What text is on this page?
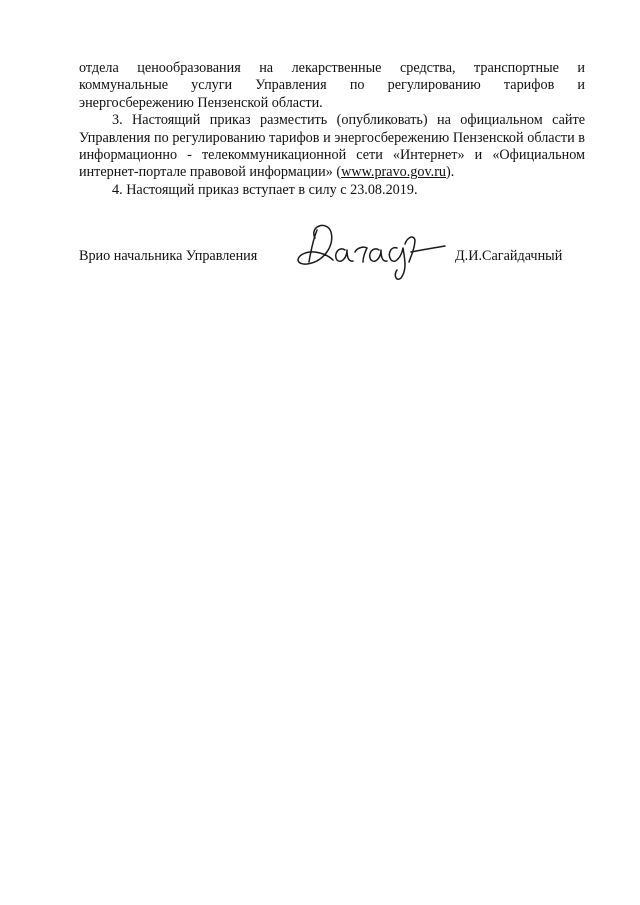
отдела ценообразования на лекарственные средства, транспортные и коммунальные услуги Управления по регулированию тарифов и энергосбережению Пензенской области.

3. Настоящий приказ разместить (опубликовать) на официальном сайте Управления по регулированию тарифов и энергосбережению Пензенской области в информационно - телекоммуникационной сети «Интернет» и «Официальном интернет-портале правовой информации» (www.pravo.gov.ru).

4. Настоящий приказ вступает в силу с 23.08.2019.

Врио начальника Управления	Д.И.Сагайдачный
